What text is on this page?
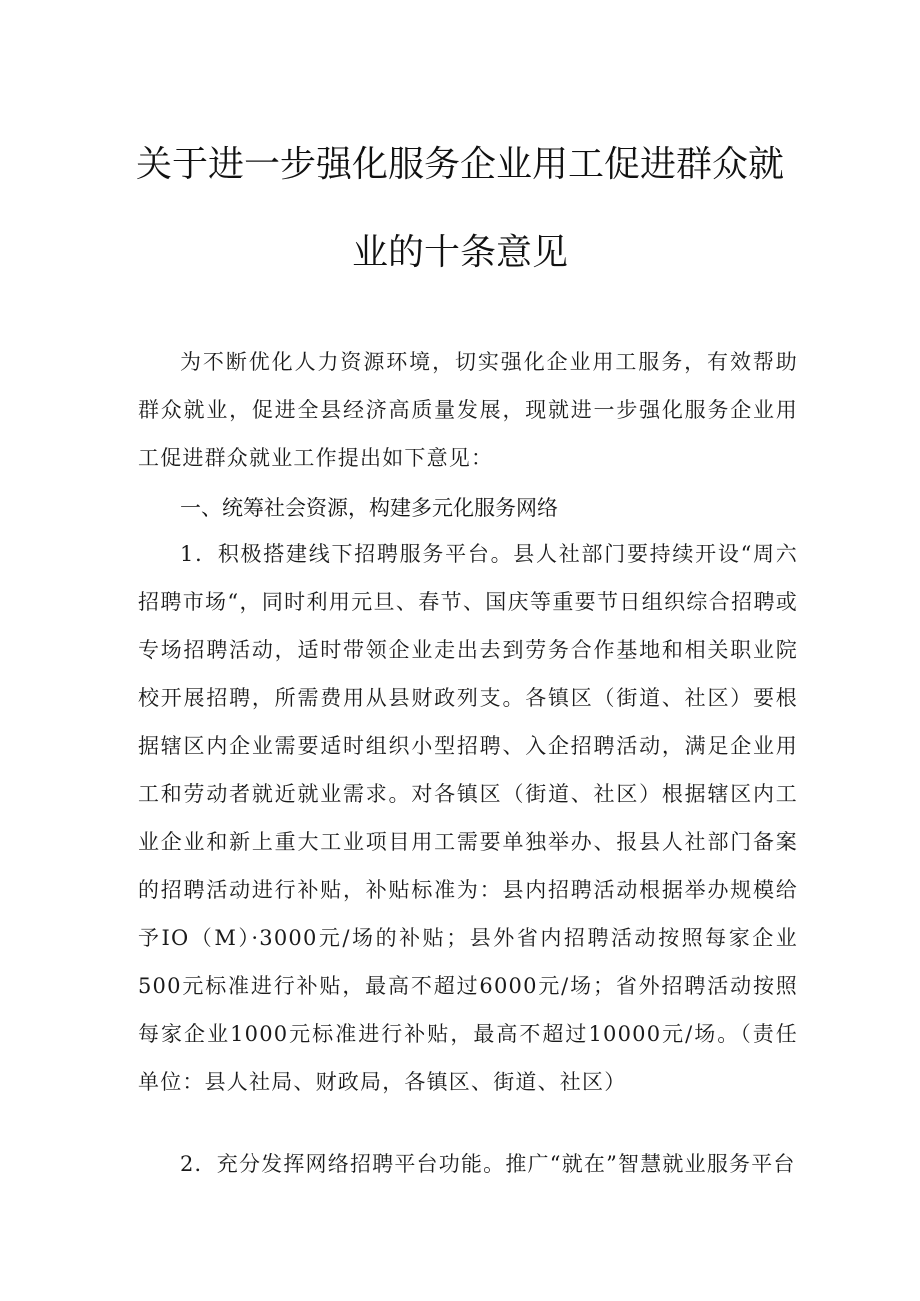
关于进一步强化服务企业用工促进群众就
业的十条意见

为不断优化人力资源环境，切实强化企业用工服务，有效帮助群众就业，促进全县经济高质量发展，现就进一步强化服务企业用工促进群众就业工作提出如下意见：

一、统筹社会资源，构建多元化服务网络

1．积极搭建线下招聘服务平台。县人社部门要持续开设“周六招聘市场“，同时利用元旦、春节、国庆等重要节日组织综合招聘或专场招聘活动，适时带领企业走出去到劳务合作基地和相关职业院校开展招聘，所需费用从县财政列支。各镇区（街道、社区）要根据辖区内企业需要适时组织小型招聘、入企招聘活动，满足企业用工和劳动者就近就业需求。对各镇区（街道、社区）根据辖区内工业企业和新上重大工业项目用工需要单独举办、报县人社部门备案的招聘活动进行补贴，补贴标准为：县内招聘活动根据举办规模给予IO（M）·3000元/场的补贴；县外省内招聘活动按照每家企业500元标准进行补贴，最高不超过6000元/场；省外招聘活动按照每家企业1000元标准进行补贴，最高不超过10000元/场。（责任单位：县人社局、财政局，各镇区、街道、社区）

2．充分发挥网络招聘平台功能。推广“就在”智慧就业服务平台
